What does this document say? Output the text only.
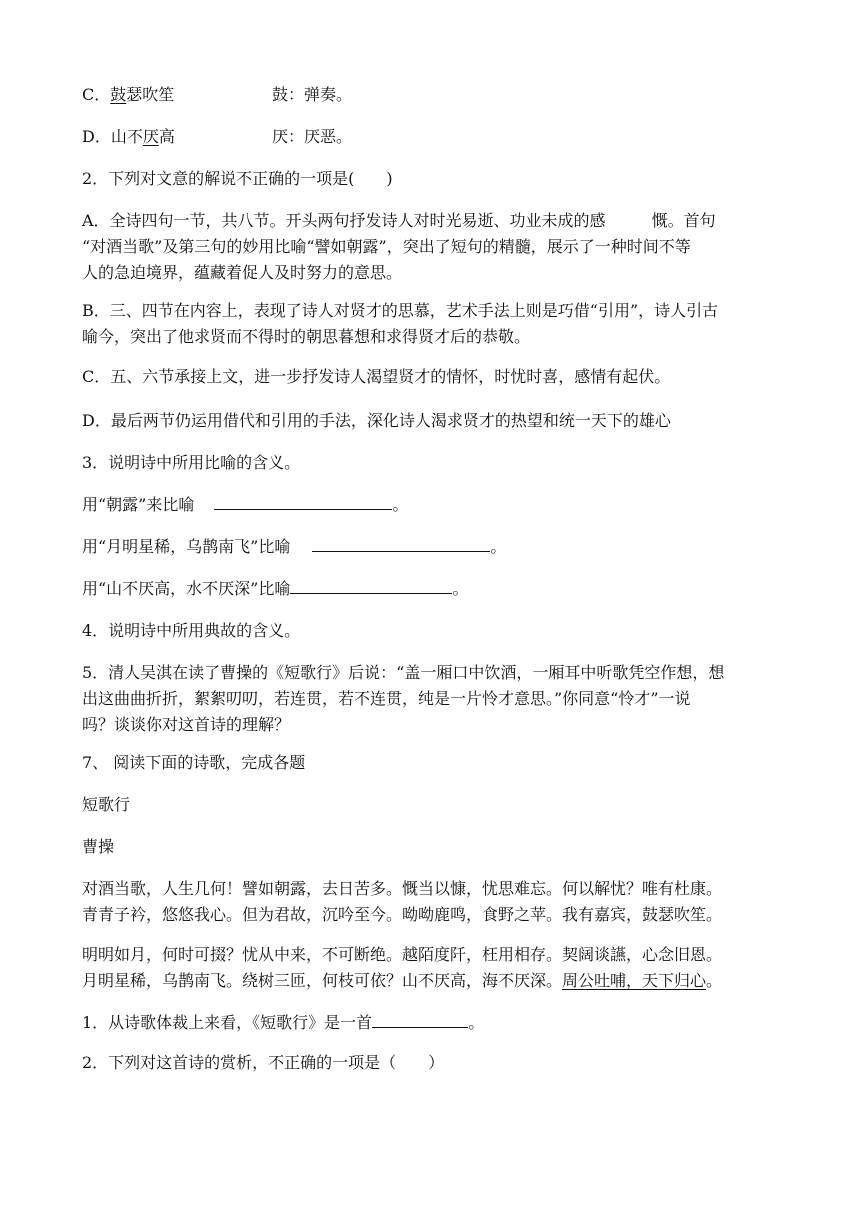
C．鼓瑟吹笙	鼓：弹奏。
D．山不厌高	厌：厌恶。
2．下列对文意的解说不正确的一项是(　　)
A．全诗四句一节，共八节。开头两句抒发诗人对时光易逝、功业未成的感	慨。首句
“对酒当歌”及第三句的妙用比喻“譬如朝露”，突出了短句的精髓，展示了一种时间不等
人的急迫境界，蕴藏着促人及时努力的意思。
B．三、四节在内容上，表现了诗人对贤才的思慕，艺术手法上则是巧借“引用”，诗人引古
喻今，突出了他求贤而不得时的朝思暮想和求得贤才后的恭敬。
C．五、六节承接上文，进一步抒发诗人渴望贤才的情怀，时忧时喜，感情有起伏。
D．最后两节仍运用借代和引用的手法，深化诗人渴求贤才的热望和统一天下的雄心
3．说明诗中所用比喻的含义。
用“朝露”来比喻	。
用“月明星稀，乌鹊南飞”比喻	。
用“山不厌高，水不厌深”比喻	。
4．说明诗中所用典故的含义。
5．清人吴淇在读了曹操的《短歌行》后说：“盖一厢口中饮酒，一厢耳中听歌凭空作想，想
出这曲曲折折，絮絮叨叨，若连贯，若不连贯，纯是一片怜才意思。”你同意“怜才”一说
吗？谈谈你对这首诗的理解？
7、 阅读下面的诗歌，完成各题
短歌行
曹操
对酒当歌，人生几何！譬如朝露，去日苦多。慨当以慷，忧思难忘。何以解忧？唯有杜康。
青青子衿，悠悠我心。但为君故，沉吟至今。呦呦鹿鸣，食野之苹。我有嘉宾，鼓瑟吹笙。
明明如月，何时可掇？忧从中来，不可断绝。越陌度阡，枉用相存。契阔谈讌，心念旧恩。
月明星稀，乌鹊南飞。绕树三匝，何枝可依？山不厌高，海不厌深。周公吐哺，天下归心。
1．从诗歌体裁上来看，《短歌行》是一首	。
2．下列对这首诗的赏析，不正确的一项是（　　）
